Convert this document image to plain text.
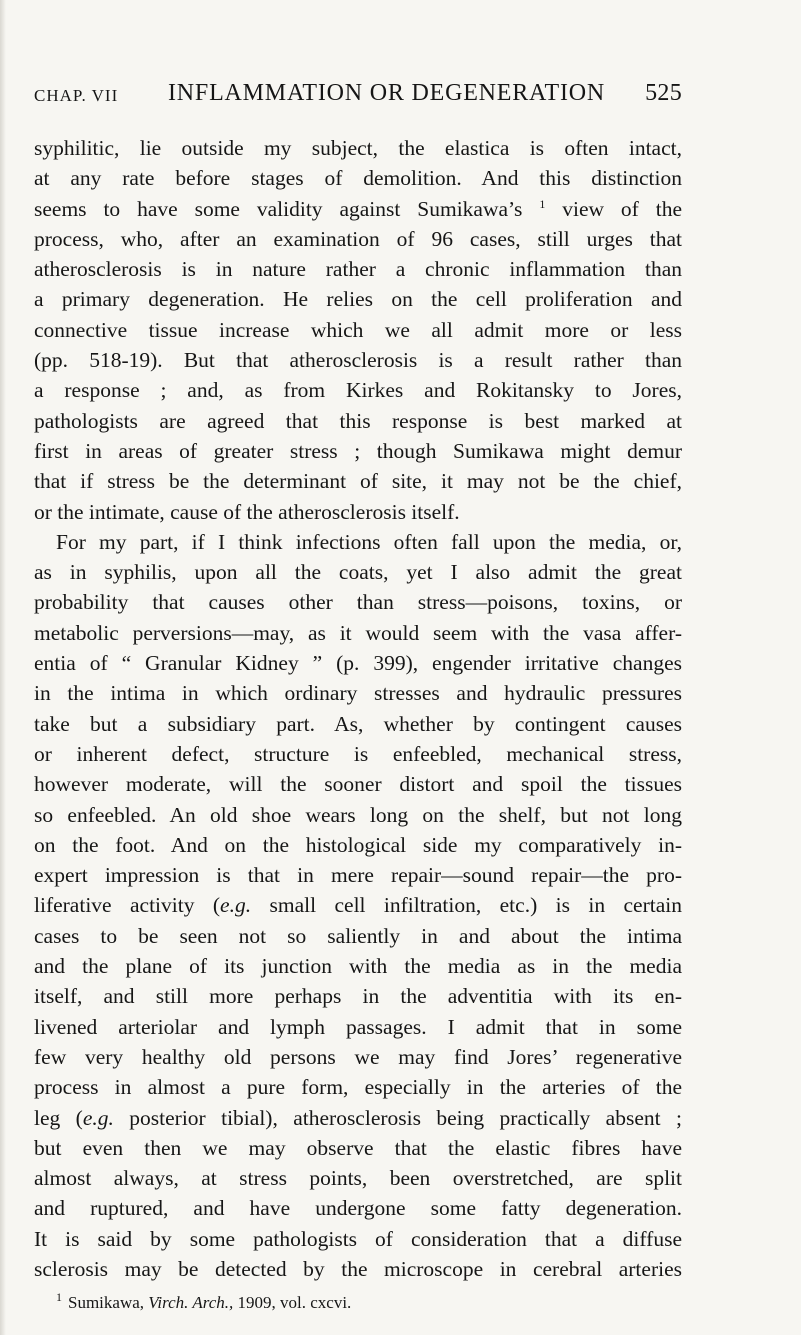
CHAP. VII INFLAMMATION OR DEGENERATION 525
syphilitic, lie outside my subject, the elastica is often intact,
at any rate before stages of demolition. And this distinction
seems to have some validity against Sumikawa’s $^1$ view of the
process, who, after an examination of 96 cases, still urges that
atherosclerosis is in nature rather a chronic inflammation than
a primary degeneration. He relies on the cell proliferation and
connective tissue increase which we all admit more or less
(pp. 518-19). But that atherosclerosis is a result rather than
a response ; and, as from Kirkes and Rokitansky to Jores,
pathologists are agreed that this response is best marked at
first in areas of greater stress ; though Sumikawa might demur
that if stress be the determinant of site, it may not be the chief,
or the intimate, cause of the atherosclerosis itself.
For my part, if I think infections often fall upon the media, or,
as in syphilis, upon all the coats, yet I also admit the great
probability that causes other than stress—poisons, toxins, or
metabolic perversions—may, as it would seem with the vasa affer-
entia of “ Granular Kidney ” (p. 399), engender irritative changes
in the intima in which ordinary stresses and hydraulic pressures
take but a subsidiary part. As, whether by contingent causes
or inherent defect, structure is enfeebled, mechanical stress,
however moderate, will the sooner distort and spoil the tissues
so enfeebled. An old shoe wears long on the shelf, but not long
on the foot. And on the histological side my comparatively in-
expert impression is that in mere repair—sound repair—the pro-
liferative activity (e.g. small cell infiltration, etc.) is in certain
cases to be seen not so saliently in and about the intima
and the plane of its junction with the media as in the media
itself, and still more perhaps in the adventitia with its en-
livened arteriolar and lymph passages. I admit that in some
few very healthy old persons we may find Jores’ regenerative
process in almost a pure form, especially in the arteries of the
leg (e.g. posterior tibial), atherosclerosis being practically absent ;
but even then we may observe that the elastic fibres have
almost always, at stress points, been overstretched, are split
and ruptured, and have undergone some fatty degeneration.
It is said by some pathologists of consideration that a diffuse
sclerosis may be detected by the microscope in cerebral arteries
1 Sumikawa, Virch. Arch., 1909, vol. cxcvi.
